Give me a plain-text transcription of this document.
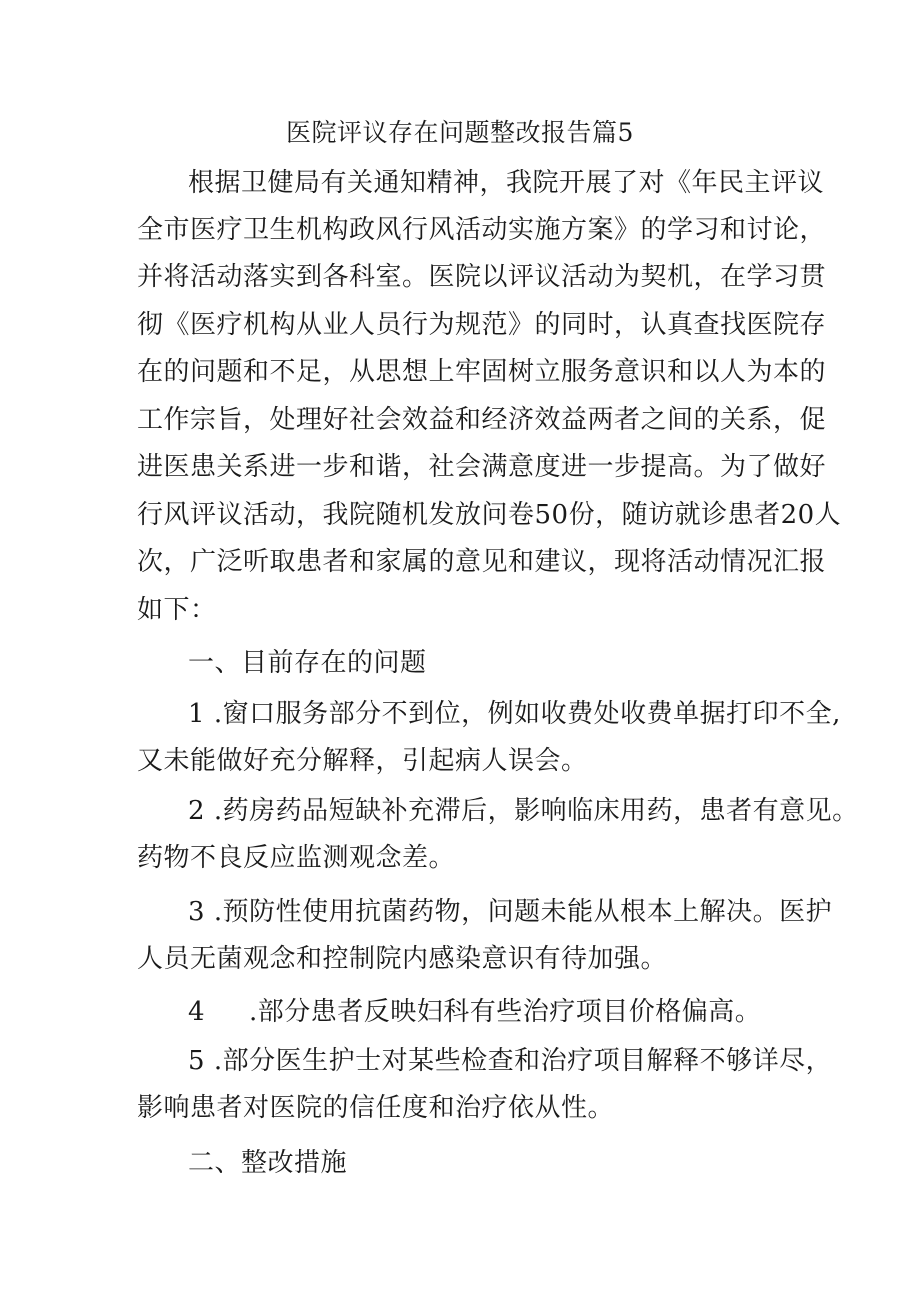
医院评议存在问题整改报告篇5
根据卫健局有关通知精神，我院开展了对《年民主评议
全市医疗卫生机构政风行风活动实施方案》的学习和讨论，
并将活动落实到各科室。医院以评议活动为契机，在学习贯
彻《医疗机构从业人员行为规范》的同时，认真查找医院存
在的问题和不足，从思想上牢固树立服务意识和以人为本的
工作宗旨，处理好社会效益和经济效益两者之间的关系，促
进医患关系进一步和谐，社会满意度进一步提高。为了做好
行风评议活动，我院随机发放问卷50份，随访就诊患者20人
次，广泛听取患者和家属的意见和建议，现将活动情况汇报
如下：
一、目前存在的问题
1 .窗口服务部分不到位，例如收费处收费单据打印不全,
又未能做好充分解释，引起病人误会。
2 .药房药品短缺补充滞后，影响临床用药，患者有意见。
药物不良反应监测观念差。
3 .预防性使用抗菌药物，问题未能从根本上解决。医护
人员无菌观念和控制院内感染意识有待加强。
4 .部分患者反映妇科有些治疗项目价格偏高。
5 .部分医生护士对某些检查和治疗项目解释不够详尽，
影响患者对医院的信任度和治疗依从性。
二、整改措施
